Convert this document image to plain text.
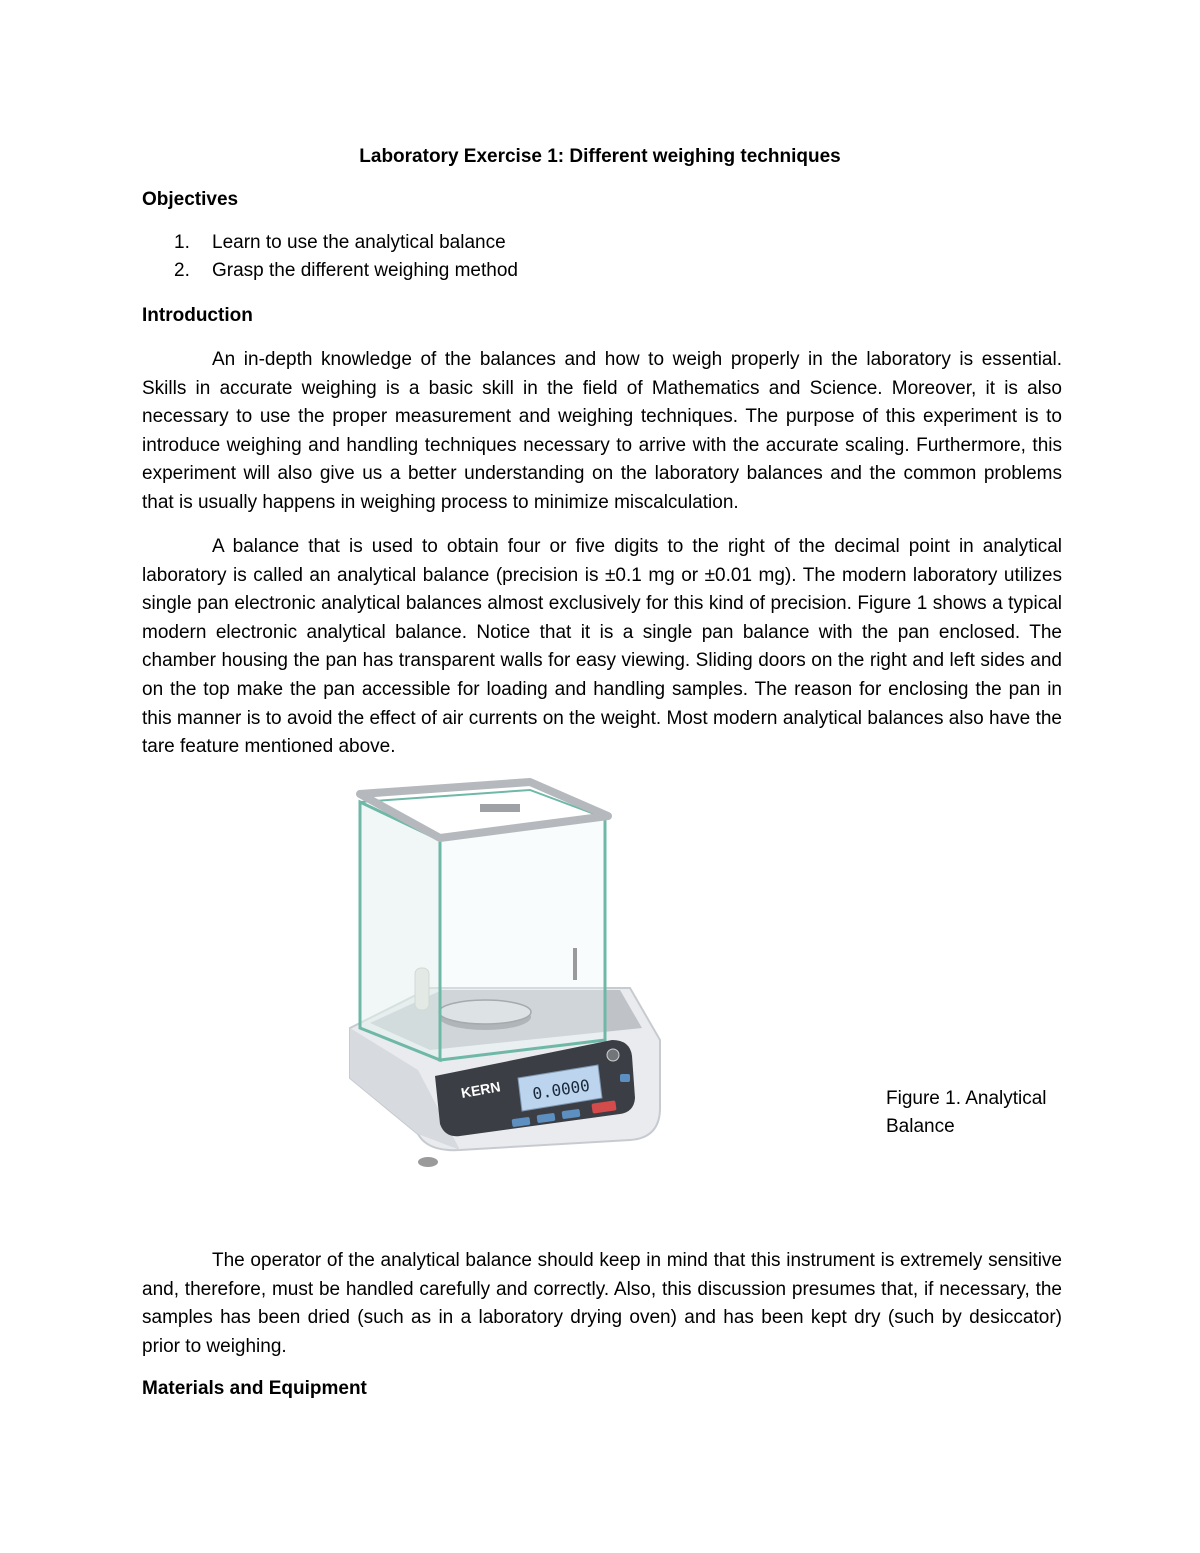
Laboratory Exercise 1: Different weighing techniques
Objectives
1. Learn to use the analytical balance
2. Grasp the different weighing method
Introduction

An in-depth knowledge of the balances and how to weigh properly in the laboratory is essential. Skills in accurate weighing is a basic skill in the field of Mathematics and Science. Moreover, it is also necessary to use the proper measurement and weighing techniques. The purpose of this experiment is to introduce weighing and handling techniques necessary to arrive with the accurate scaling. Furthermore, this experiment will also give us a better understanding on the laboratory balances and the common problems that is usually happens in weighing process to minimize miscalculation.

A balance that is used to obtain four or five digits to the right of the decimal point in analytical laboratory is called an analytical balance (precision is ±0.1 mg or ±0.01 mg). The modern laboratory utilizes single pan electronic analytical balances almost exclusively for this kind of precision. Figure 1 shows a typical modern electronic analytical balance. Notice that it is a single pan balance with the pan enclosed. The chamber housing the pan has transparent walls for easy viewing. Sliding doors on the right and left sides and on the top make the pan accessible for loading and handling samples. The reason for enclosing the pan in this manner is to avoid the effect of air currents on the weight. Most modern analytical balances also have the tare feature mentioned above.

0.0000
KERN	Figure 1. Analytical Balance

The operator of the analytical balance should keep in mind that this instrument is extremely sensitive and, therefore, must be handled carefully and correctly. Also, this discussion presumes that, if necessary, the samples has been dried (such as in a laboratory drying oven) and has been kept dry (such by desiccator) prior to weighing.

Materials and Equipment
